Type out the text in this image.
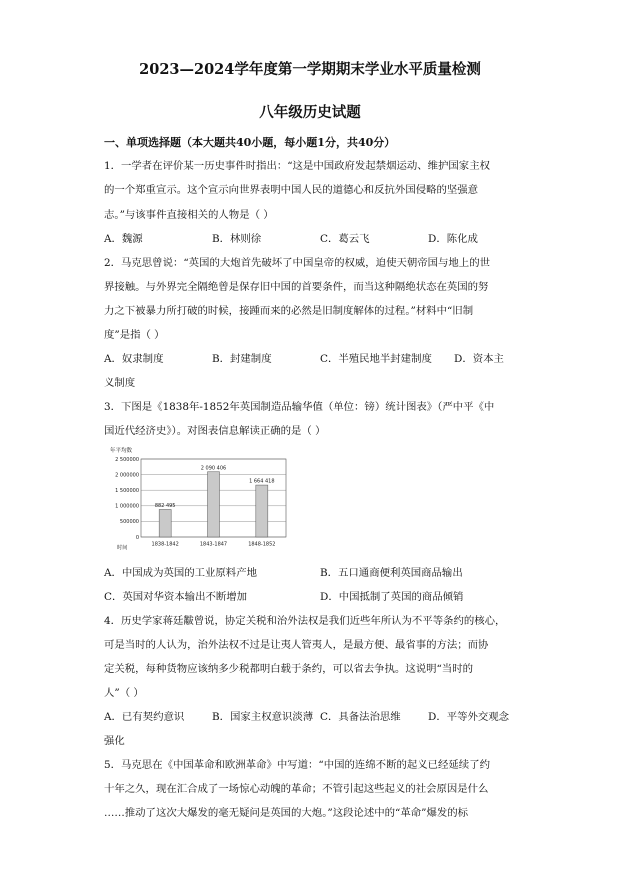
2023—2024学年度第一学期期末学业水平质量检测
八年级历史试题
一、单项选择题（本大题共40小题，每小题1分，共40分）
1．一学者在评价某一历史事件时指出：“这是中国政府发起禁烟运动、维护国家主权
的一个郑重宣示。这个宣示向世界表明中国人民的道德心和反抗外国侵略的坚强意
志。”与该事件直接相关的人物是（ ）
A．魏源	B．林则徐	C．葛云飞	D．陈化成
2．马克思曾说：“英国的大炮首先破坏了中国皇帝的权威，迫使天朝帝国与地上的世
界接触。与外界完全隔绝曾是保存旧中国的首要条件，而当这种隔绝状态在英国的努
力之下被暴力所打破的时候，接踵而来的必然是旧制度解体的过程。”材料中“旧制
度”是指（ ）
A．奴隶制度	B．封建制度	C．半殖民地半封建制度 D．资本主
义制度
3．下图是《1838年-1852年英国制造品输华值（单位：镑）统计图表》（严中平《中
国近代经济史》）。对图表信息解读正确的是（ ）
年平均数
0
500000
1 000000
1 500000
2 000000
2 500000
882 495
2 090 406
1 664 418
1838-1842	1843-1847	1848-1852
时间
A．中国成为英国的工业原料产地	B．五口通商便利英国商品输出
C．英国对华资本输出不断增加	D．中国抵制了英国的商品倾销
4．历史学家蒋廷黻曾说，协定关税和治外法权是我们近些年所认为不平等条约的核心，
可是当时的人认为，治外法权不过是让夷人管夷人，是最方便、最省事的方法；而协
定关税，每种货物应该纳多少税都明白载于条约，可以省去争执。这说明“当时的
人”（ ）
A．已有契约意识	B．国家主权意识淡薄 C．具备法治思维	D．平等外交观念
强化
5．马克思在《中国革命和欧洲革命》中写道：“中国的连绵不断的起义已经延续了约
十年之久，现在汇合成了一场惊心动魄的革命；不管引起这些起义的社会原因是什么
……推动了这次大爆发的毫无疑问是英国的大炮。”这段论述中的“革命”爆发的标
